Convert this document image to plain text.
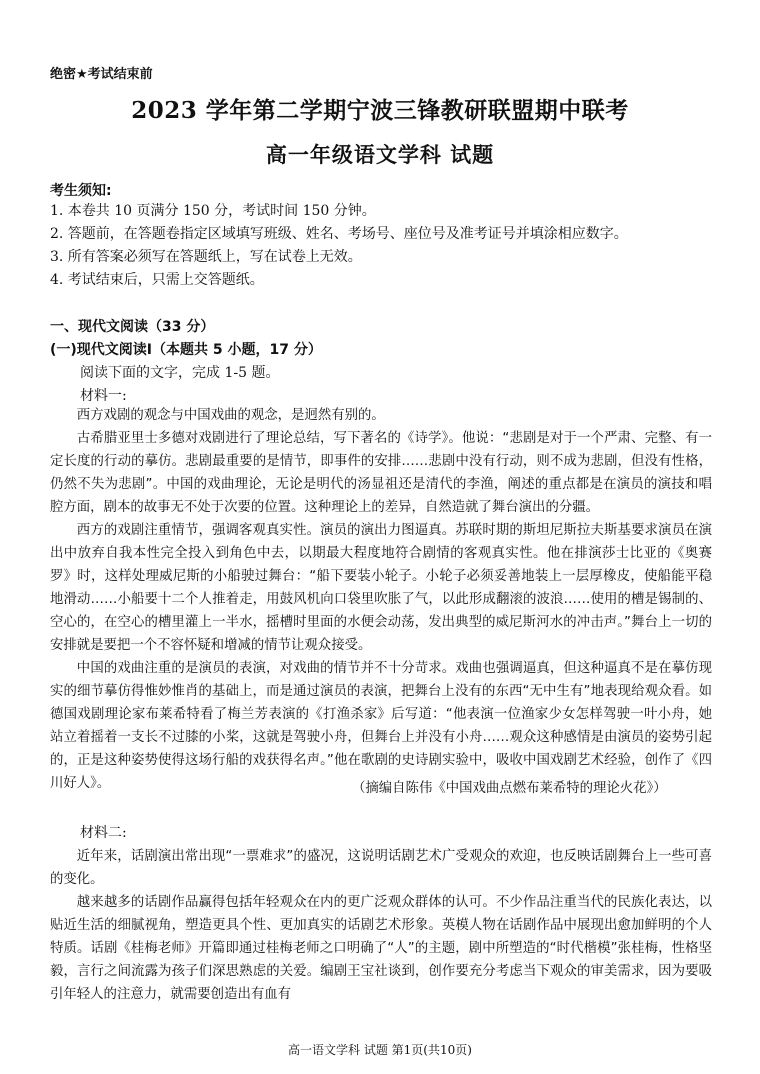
绝密★考试结束前
2023 学年第二学期宁波三锋教研联盟期中联考
高一年级语文学科 试题
考生须知:
1. 本卷共 10 页满分 150 分，考试时间 150 分钟。
2. 答题前，在答题卷指定区域填写班级、姓名、考场号、座位号及准考证号并填涂相应数字。
3. 所有答案必须写在答题纸上，写在试卷上无效。
4. 考试结束后，只需上交答题纸。
一、现代文阅读（33 分）
(一)现代文阅读Ⅰ（本题共 5 小题，17 分）
阅读下面的文字，完成 1-5 题。
材料一:
西方戏剧的观念与中国戏曲的观念，是迥然有别的。
古希腊亚里士多德对戏剧进行了理论总结，写下著名的《诗学》。他说：“悲剧是对于一个严肃、完整、有一定长度的行动的摹仿。悲剧最重要的是情节，即事件的安排……悲剧中没有行动，则不成为悲剧，但没有性格，仍然不失为悲剧”。中国的戏曲理论，无论是明代的汤显祖还是清代的李渔，阐述的重点都是在演员的演技和唱腔方面，剧本的故事无不处于次要的位置。这种理论上的差异，自然造就了舞台演出的分疆。
西方的戏剧注重情节，强调客观真实性。演员的演出力图逼真。苏联时期的斯坦尼斯拉夫斯基要求演员在演出中放弃自我本性完全投入到角色中去，以期最大程度地符合剧情的客观真实性。他在排演莎士比亚的《奥赛罗》时，这样处理威尼斯的小船驶过舞台：“船下要装小轮子。小轮子必须妥善地装上一层厚橡皮，使船能平稳地滑动……小船要十二个人推着走，用鼓风机向口袋里吹胀了气，以此形成翻滚的波浪……使用的槽是锡制的、空心的，在空心的槽里灌上一半水，摇槽时里面的水便会动荡，发出典型的威尼斯河水的冲击声。”舞台上一切的安排就是要把一个不容怀疑和增减的情节让观众接受。
中国的戏曲注重的是演员的表演，对戏曲的情节并不十分苛求。戏曲也强调逼真，但这种逼真不是在摹仿现实的细节摹仿得惟妙惟肖的基础上，而是通过演员的表演，把舞台上没有的东西“无中生有”地表现给观众看。如德国戏剧理论家布莱希特看了梅兰芳表演的《打渔杀家》后写道：“他表演一位渔家少女怎样驾驶一叶小舟，她站立着摇着一支长不过膝的小桨，这就是驾驶小舟，但舞台上并没有小舟……观众这种感情是由演员的姿势引起的，正是这种姿势使得这场行船的戏获得名声。”他在歌剧的史诗剧实验中，吸收中国戏剧艺术经验，创作了《四川好人》。	（摘编自陈伟《中国戏曲点燃布莱希特的理论火花》）
材料二:
近年来，话剧演出常出现“一票难求”的盛况，这说明话剧艺术广受观众的欢迎，也反映话剧舞台上一些可喜的变化。
越来越多的话剧作品赢得包括年轻观众在内的更广泛观众群体的认可。不少作品注重当代的民族化表达，以贴近生活的细腻视角，塑造更具个性、更加真实的话剧艺术形象。英模人物在话剧作品中展现出愈加鲜明的个人特质。话剧《桂梅老师》开篇即通过桂梅老师之口明确了“人”的主题，剧中所塑造的“时代楷模”张桂梅，性格坚毅，言行之间流露为孩子们深思熟虑的关爱。编剧王宝社谈到，创作要充分考虑当下观众的审美需求，因为要吸引年轻人的注意力，就需要创造出有血有
高一语文学科 试题 第1页(共10页)
